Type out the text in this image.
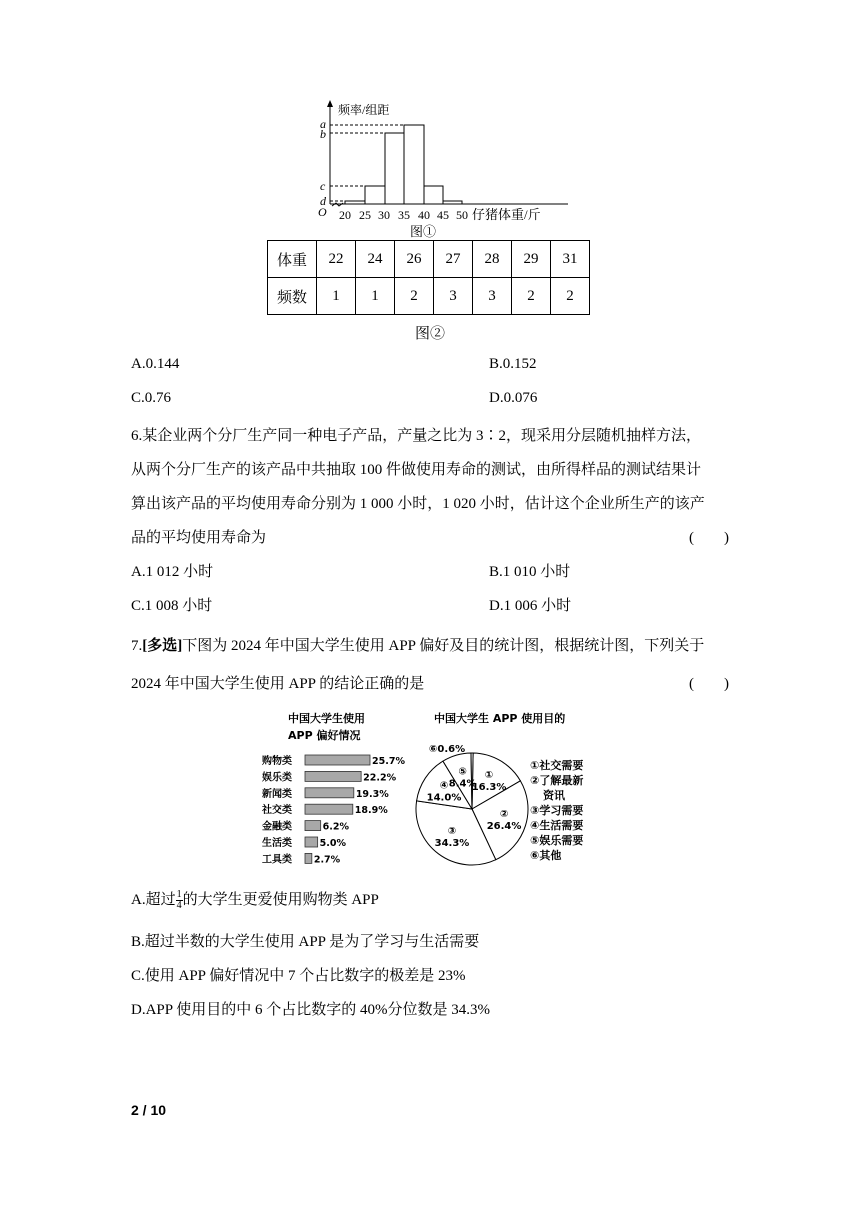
O
频率/组距
a
b
c
d
20 25 30 35 40 45 50 仔猪体重/斤
图①
体重	22	24	26	27	28	29	31
频数	1	1	2	3	3	2	2
图②
A.0.144	B.0.152
C.0.76	D.0.076
6.某企业两个分厂生产同一种电子产品，产量之比为 3∶2，现采用分层随机抽样方法，
从两个分厂生产的该产品中共抽取 100 件做使用寿命的测试，由所得样品的测试结果计
算出该产品的平均使用寿命分别为 1 000 小时，1 020 小时，估计这个企业所生产的该产
品的平均使用寿命为	(　　)
A.1 012 小时	B.1 010 小时
C.1 008 小时	D.1 006 小时
7.[多选]下图为 2024 年中国大学生使用 APP 偏好及目的统计图，根据统计图，下列关于
2024 年中国大学生使用 APP 的结论正确的是	(　　)
中国大学生使用
APP 偏好情况
购物类	25.7%
娱乐类	22.2%
新闻类	19.3%
社交类	18.9%
金融类	6.2%
生活类	5.0%
工具类 2.7%
中国大学生 APP 使用目的
①
16.3%
②
26.4%
③
34.3%
④
14.0%
⑤
8.4%
⑥0.6%
①社交需要
②了解最新
资讯
③学习需要
④生活需要
⑤娱乐需要
⑥其他
A.超过 $\frac{1}{4}$ 的大学生更爱使用购物类 APP
B.超过半数的大学生使用 APP 是为了学习与生活需要
C.使用 APP 偏好情况中 7 个占比数字的极差是 23%
D.APP 使用目的中 6 个占比数字的 40%分位数是 34.3%
2 / 10
